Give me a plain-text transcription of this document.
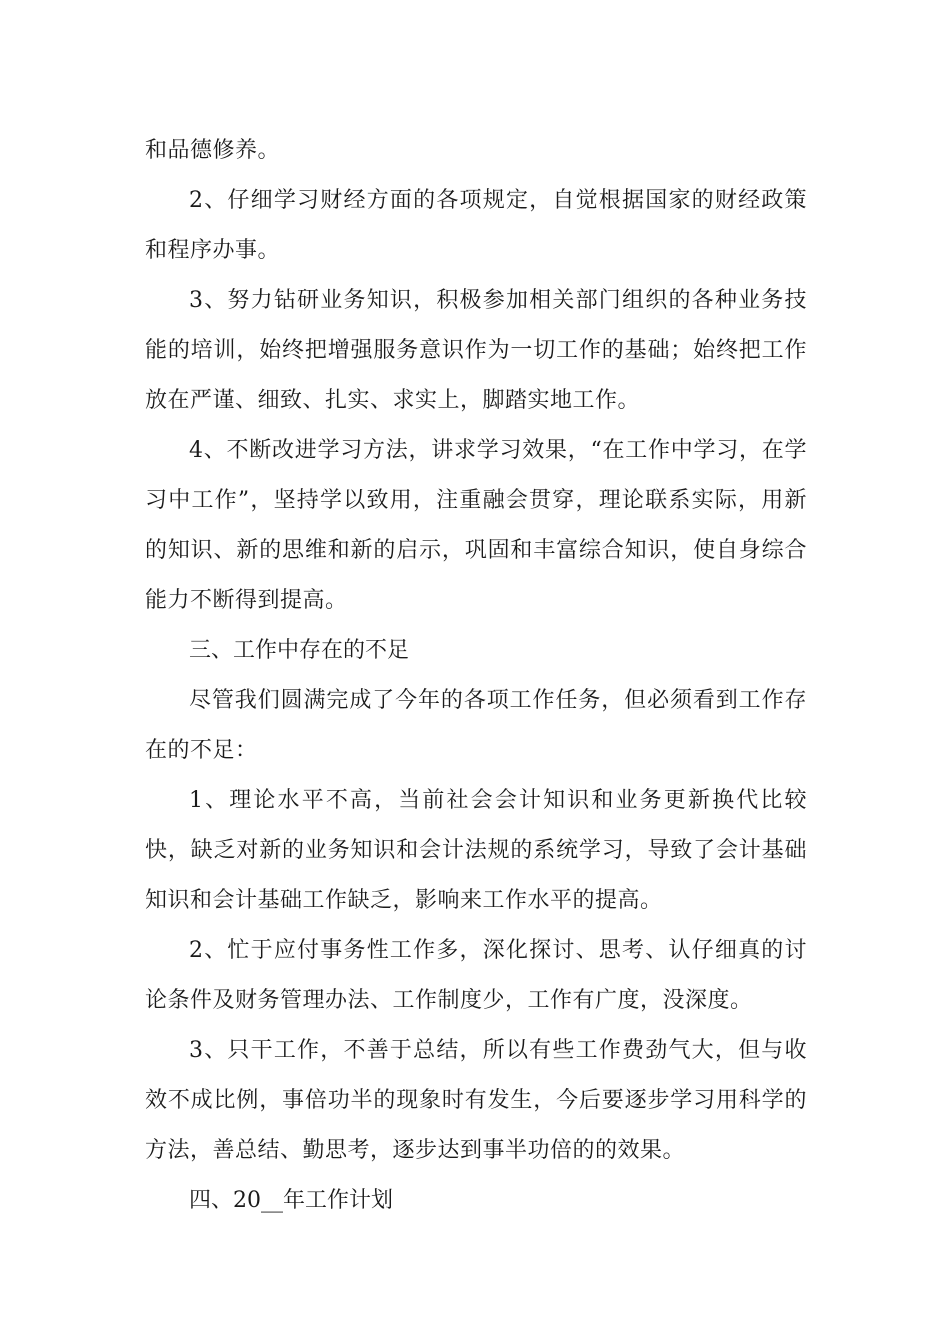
和品德修养。

2、仔细学习财经方面的各项规定，自觉根据国家的财经政策和程序办事。

3、努力钻研业务知识，积极参加相关部门组织的各种业务技能的培训，始终把增强服务意识作为一切工作的基础；始终把工作放在严谨、细致、扎实、求实上，脚踏实地工作。

4、不断改进学习方法，讲求学习效果，“在工作中学习，在学习中工作”，坚持学以致用，注重融会贯穿，理论联系实际，用新的知识、新的思维和新的启示，巩固和丰富综合知识，使自身综合能力不断得到提高。

三、工作中存在的不足

尽管我们圆满完成了今年的各项工作任务，但必须看到工作存在的不足：

1、理论水平不高，当前社会会计知识和业务更新换代比较快，缺乏对新的业务知识和会计法规的系统学习，导致了会计基础知识和会计基础工作缺乏，影响来工作水平的提高。

2、忙于应付事务性工作多，深化探讨、思考、认仔细真的讨论条件及财务管理办法、工作制度少，工作有广度，没深度。

3、只干工作，不善于总结，所以有些工作费劲气大，但与收效不成比例，事倍功半的现象时有发生，今后要逐步学习用科学的方法，善总结、勤思考，逐步达到事半功倍的的效果。

四、20__年工作计划
